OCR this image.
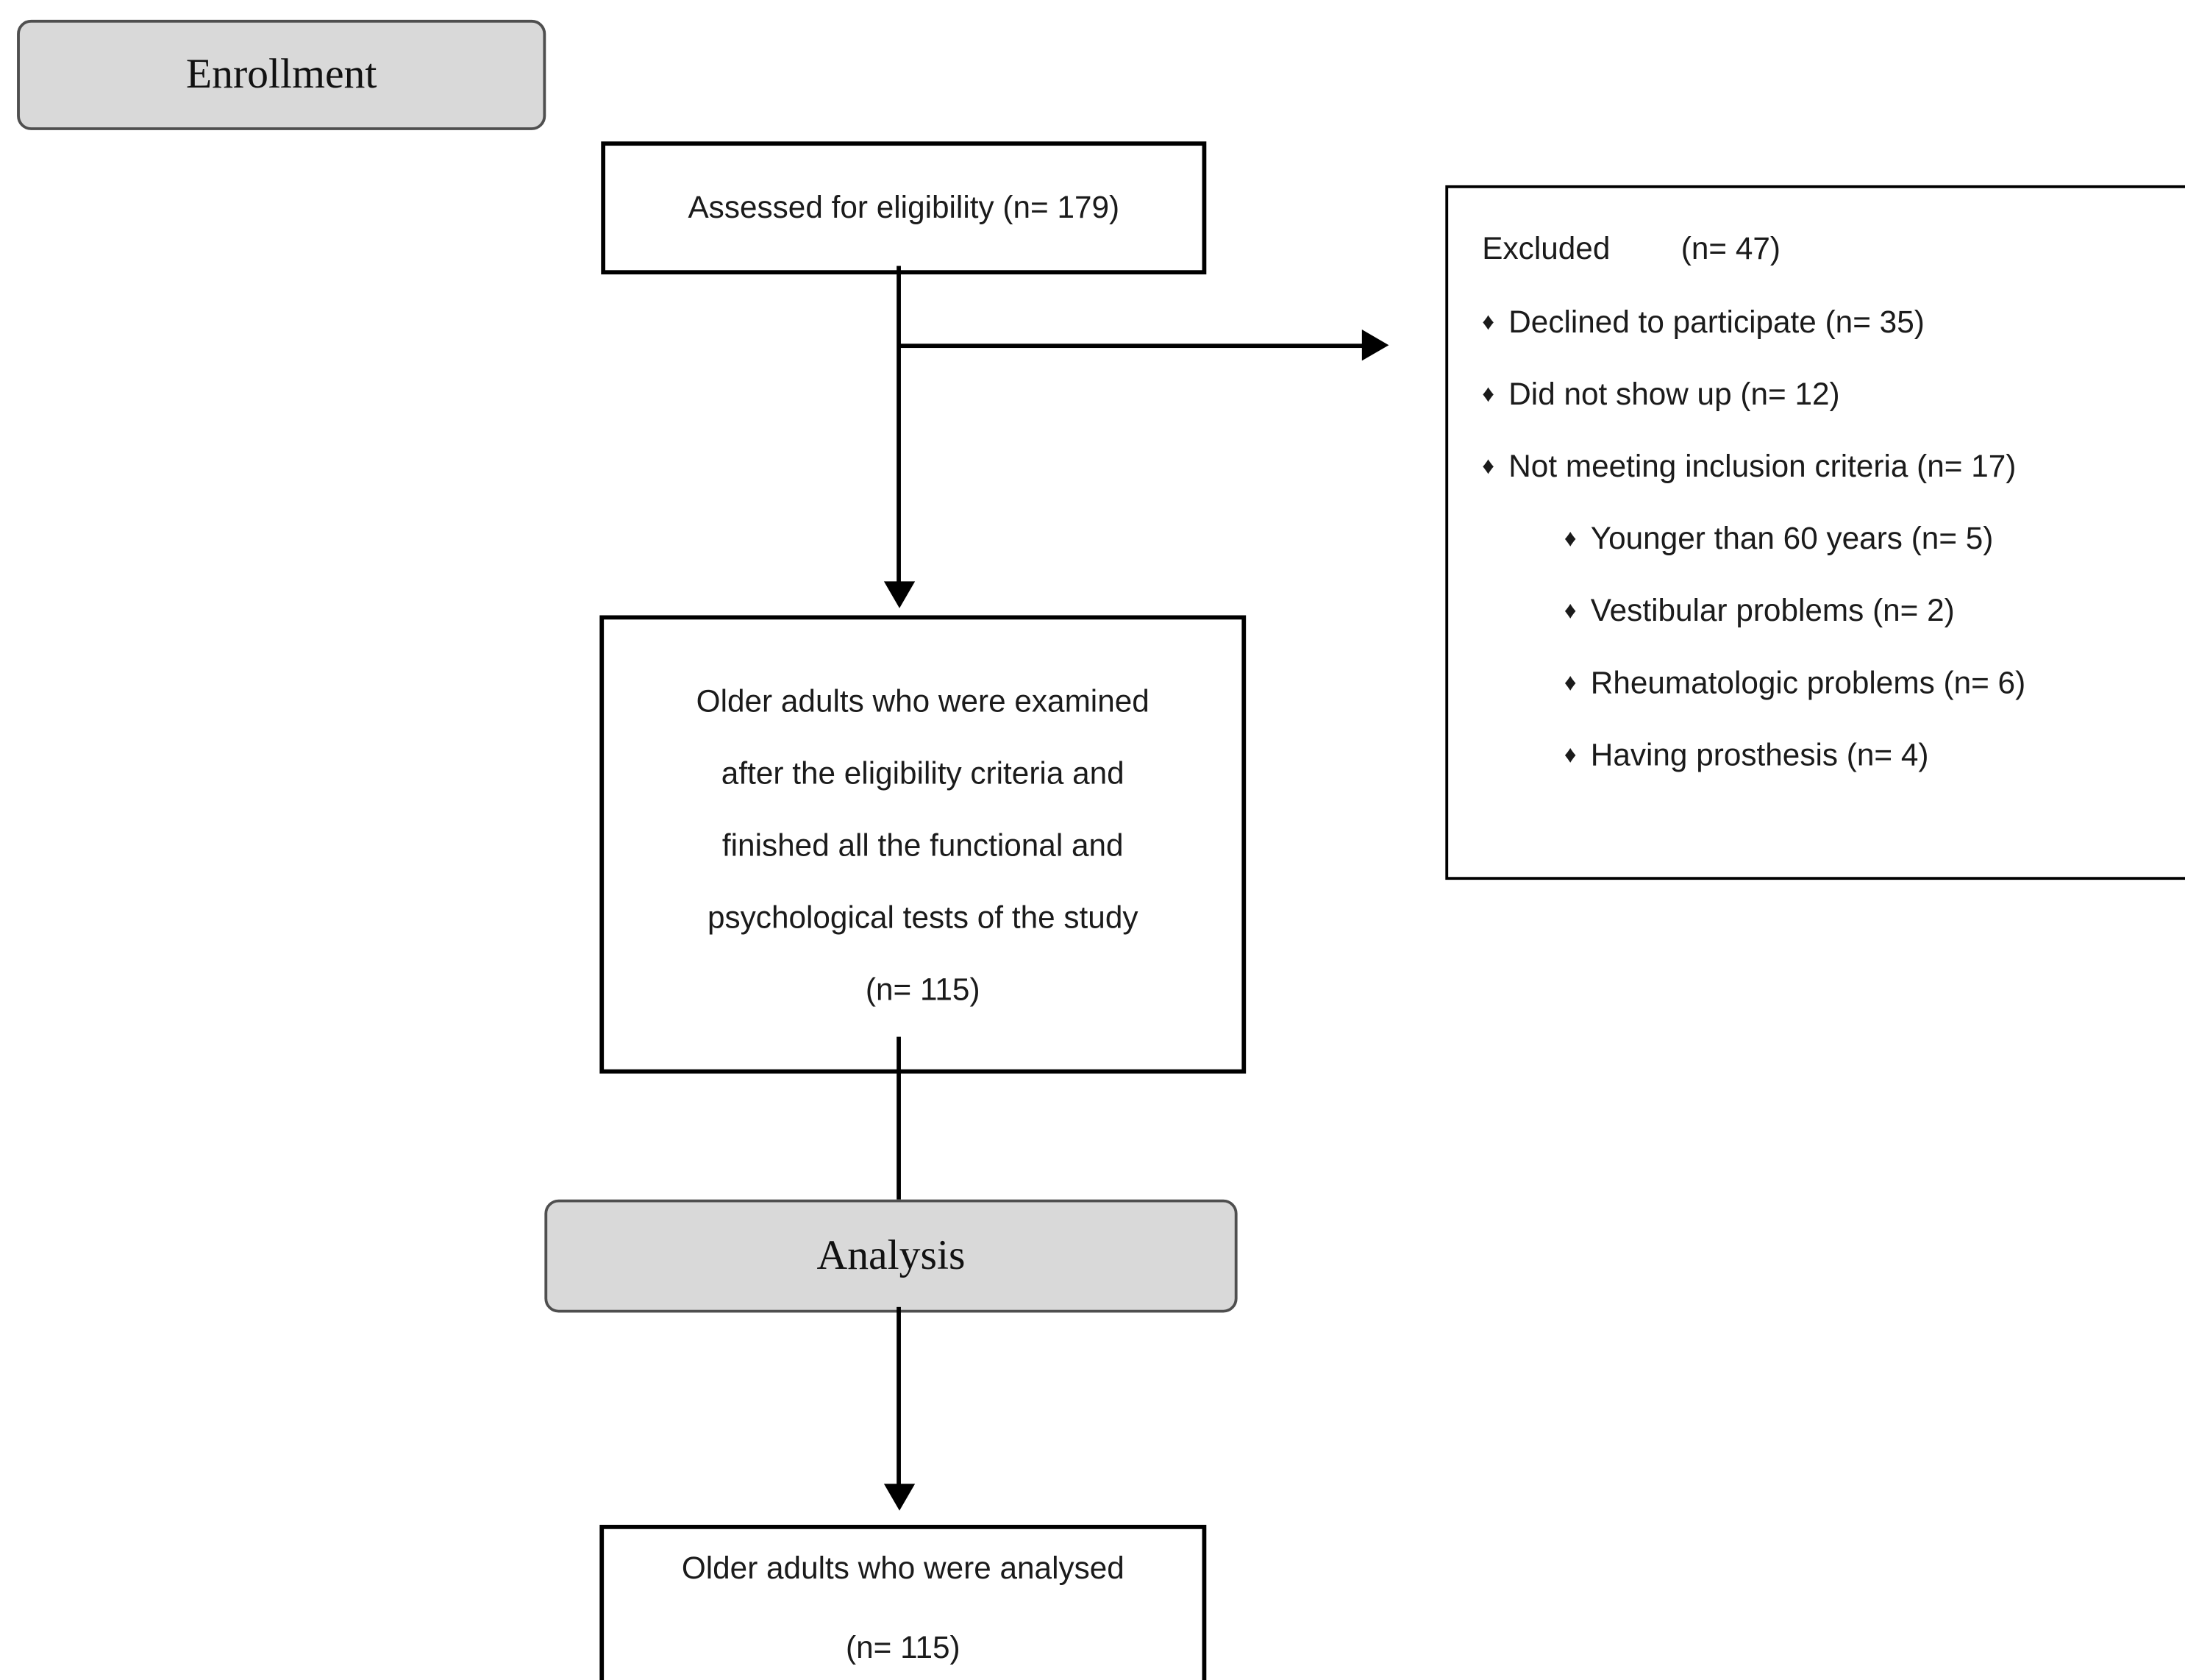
Enrollment
Assessed for eligibility (n= 179)
Excluded	(n= 47)
♦ Declined to participate (n= 35)
♦ Did not show up (n= 12)
♦ Not meeting inclusion criteria (n= 17)
♦ Younger than 60 years (n= 5)
♦ Vestibular problems (n= 2)
♦ Rheumatologic problems (n= 6)
♦ Having prosthesis (n= 4)
Older adults who were examined
after the eligibility criteria and
finished all the functional and
psychological tests of the study
(n= 115)
Analysis
Older adults who were analysed
(n= 115)
